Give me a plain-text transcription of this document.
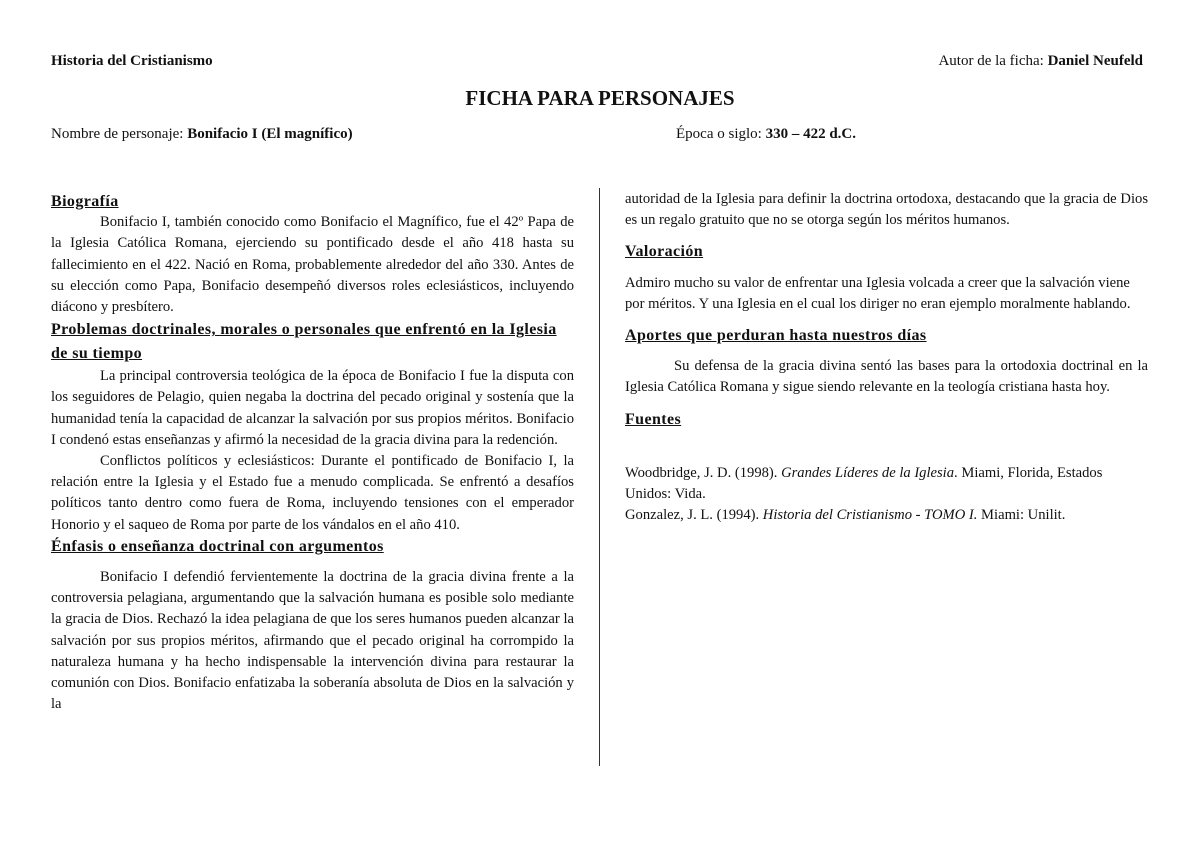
Historia del Cristianismo	Autor de la ficha: Daniel Neufeld
FICHA PARA PERSONAJES
Nombre de personaje: Bonifacio I (El magnífico)	Época o siglo: 330 – 422 d.C.
Biografía

Bonifacio I, también conocido como Bonifacio el Magnífico, fue el 42º Papa de la Iglesia Católica Romana, ejerciendo su pontificado desde el año 418 hasta su fallecimiento en el 422. Nació en Roma, probablemente alrededor del año 330. Antes de su elección como Papa, Bonifacio desempeñó diversos roles eclesiásticos, incluyendo diácono y presbítero.

Problemas doctrinales, morales o personales que enfrentó en la Iglesia de su tiempo

La principal controversia teológica de la época de Bonifacio I fue la disputa con los seguidores de Pelagio, quien negaba la doctrina del pecado original y sostenía que la humanidad tenía la capacidad de alcanzar la salvación por sus propios méritos. Bonifacio I condenó estas enseñanzas y afirmó la necesidad de la gracia divina para la redención.

Conflictos políticos y eclesiásticos: Durante el pontificado de Bonifacio I, la relación entre la Iglesia y el Estado fue a menudo complicada. Se enfrentó a desafíos políticos tanto dentro como fuera de Roma, incluyendo tensiones con el emperador Honorio y el saqueo de Roma por parte de los vándalos en el año 410.

Énfasis o enseñanza doctrinal con argumentos

Bonifacio I defendió fervientemente la doctrina de la gracia divina frente a la controversia pelagiana, argumentando que la salvación humana es posible solo mediante la gracia de Dios. Rechazó la idea pelagiana de que los seres humanos pueden alcanzar la salvación por sus propios méritos, afirmando que el pecado original ha corrompido la naturaleza humana y ha hecho indispensable la intervención divina para restaurar la comunión con Dios. Bonifacio enfatizaba la soberanía absoluta de Dios en la salvación y la

autoridad de la Iglesia para definir la doctrina ortodoxa, destacando que la gracia de Dios es un regalo gratuito que no se otorga según los méritos humanos.

Valoración

Admiro mucho su valor de enfrentar una Iglesia volcada a creer que la salvación viene por méritos. Y una Iglesia en el cual los diriger no eran ejemplo moralmente hablando.

Aportes que perduran hasta nuestros días

Su defensa de la gracia divina sentó las bases para la ortodoxia doctrinal en la Iglesia Católica Romana y sigue siendo relevante en la teología cristiana hasta hoy.

Fuentes

Woodbridge, J. D. (1998). Grandes Líderes de la Iglesia. Miami, Florida, Estados Unidos: Vida.

Gonzalez, J. L. (1994). Historia del Cristianismo - TOMO I. Miami: Unilit.
